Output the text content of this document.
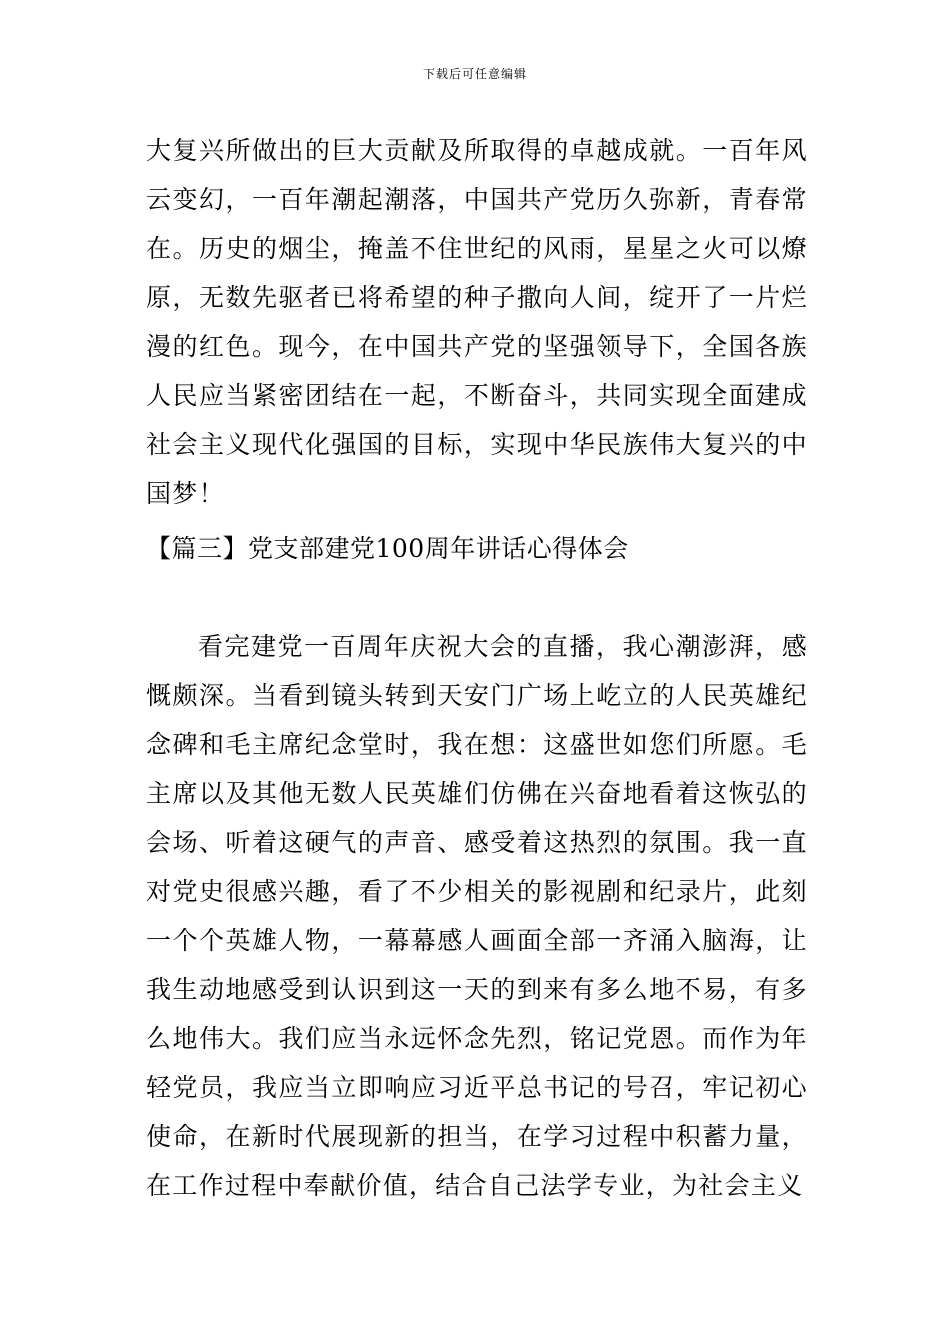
下载后可任意编辑
大复兴所做出的巨大贡献及所取得的卓越成就。一百年风云变幻，一百年潮起潮落，中国共产党历久弥新，青春常在。历史的烟尘，掩盖不住世纪的风雨，星星之火可以燎原，无数先驱者已将希望的种子撒向人间，绽开了一片烂漫的红色。现今，在中国共产党的坚强领导下，全国各族人民应当紧密团结在一起，不断奋斗，共同实现全面建成社会主义现代化强国的目标，实现中华民族伟大复兴的中国梦！
【篇三】党支部建党100周年讲话心得体会
看完建党一百周年庆祝大会的直播，我心潮澎湃，感慨颇深。当看到镜头转到天安门广场上屹立的人民英雄纪念碑和毛主席纪念堂时，我在想：这盛世如您们所愿。毛主席以及其他无数人民英雄们仿佛在兴奋地看着这恢弘的会场、听着这硬气的声音、感受着这热烈的氛围。我一直对党史很感兴趣，看了不少相关的影视剧和纪录片，此刻一个个英雄人物，一幕幕感人画面全部一齐涌入脑海，让我生动地感受到认识到这一天的到来有多么地不易，有多么地伟大。我们应当永远怀念先烈，铭记党恩。而作为年轻党员，我应当立即响应习近平总书记的号召，牢记初心使命，在新时代展现新的担当，在学习过程中积蓄力量，在工作过程中奉献价值，结合自己法学专业，为社会主义
